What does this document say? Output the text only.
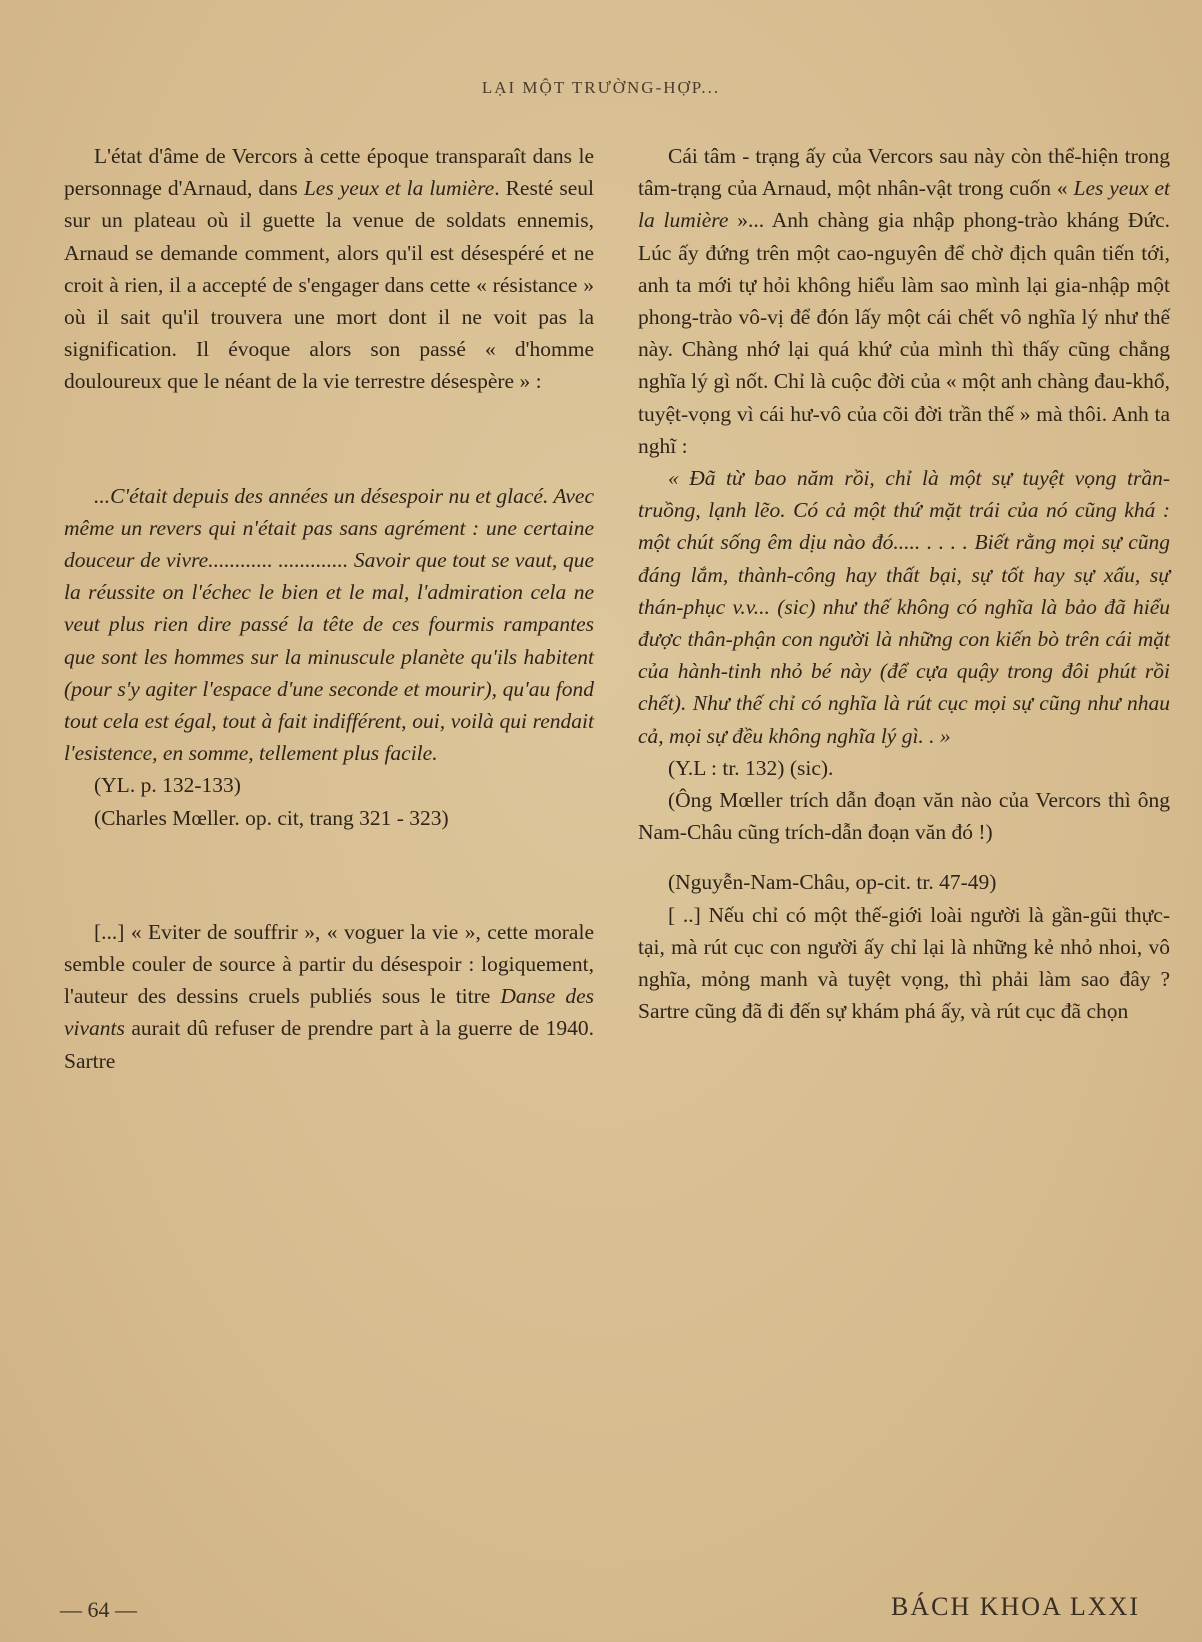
LẠI MỘT TRƯỜNG-HỢP...

L'état d'âme de Vercors à cette époque transparaît dans le personnage d'Arnaud, dans Les yeux et la lumière. Resté seul sur un plateau où il guette la venue de soldats ennemis, Arnaud se demande comment, alors qu'il est désespéré et ne croit à rien, il a accepté de s'engager dans cette « résistance » où il sait qu'il trouvera une mort dont il ne voit pas la signification. Il évoque alors son passé « d'homme douloureux que le néant de la vie terrestre désespère » :

...C'était depuis des années un désespoir nu et glacé. Avec même un revers qui n'était pas sans agrément : une certaine douceur de vivre............ ............. Savoir que tout se vaut, que la réussite on l'échec le bien et le mal, l'admiration cela ne veut plus rien dire passé la tête de ces fourmis rampantes que sont les hommes sur la minuscule planète qu'ils habitent (pour s'y agiter l'espace d'une seconde et mourir), qu'au fond tout cela est égal, tout à fait indifférent, oui, voilà qui rendait l'esistence, en somme, tellement plus facile.

(YL. p. 132-133)

(Charles Mœller. op. cit, trang 321 - 323)

[...] « Eviter de souffrir », « voguer la vie », cette morale semble couler de source à partir du désespoir : logiquement, l'auteur des dessins cruels publiés sous le titre Danse des vivants aurait dû refuser de prendre part à la guerre de 1940. Sartre

Cái tâm - trạng ấy của Vercors sau này còn thể-hiện trong tâm-trạng của Arnaud, một nhân-vật trong cuốn « Les yeux et la lumière »... Anh chàng gia nhập phong-trào kháng Đức. Lúc ấy đứng trên một cao-nguyên để chờ địch quân tiến tới, anh ta mới tự hỏi không hiểu làm sao mình lại gia-nhập một phong-trào vô-vị để đón lấy một cái chết vô nghĩa lý như thế này. Chàng nhớ lại quá khứ của mình thì thấy cũng chẳng nghĩa lý gì nốt. Chỉ là cuộc đời của « một anh chàng đau-khổ, tuyệt-vọng vì cái hư-vô của cõi đời trần thế » mà thôi. Anh ta nghĩ :

« Đã từ bao năm rồi, chỉ là một sự tuyệt vọng trần-truồng, lạnh lẽo. Có cả một thứ mặt trái của nó cũng khá : một chút sống êm dịu nào đó..... . . . . Biết rằng mọi sự cũng đáng lắm, thành-công hay thất bại, sự tốt hay sự xấu, sự thán-phục v.v... (sic) như thế không có nghĩa là bảo đã hiểu được thân-phận con người là những con kiến bò trên cái mặt của hành-tinh nhỏ bé này (để cựa quậy trong đôi phút rồi chết). Như thế chỉ có nghĩa là rút cục mọi sự cũng như nhau cả, mọi sự đều không nghĩa lý gì. . »

(Y.L : tr. 132) (sic).

(Ông Mœller trích dẫn đoạn văn nào của Vercors thì ông Nam-Châu cũng trích-dẫn đoạn văn đó !)

(Nguyễn-Nam-Châu, op-cit. tr. 47-49)

[ ..] Nếu chỉ có một thế-giới loài người là gần-gũi thực-tại, mà rút cục con người ấy chỉ lại là những kẻ nhỏ nhoi, vô nghĩa, mỏng manh và tuyệt vọng, thì phải làm sao đây ? Sartre cũng đã đi đến sự khám phá ấy, và rút cục đã chọn

— 64 —	BÁCH KHOA LXXI
